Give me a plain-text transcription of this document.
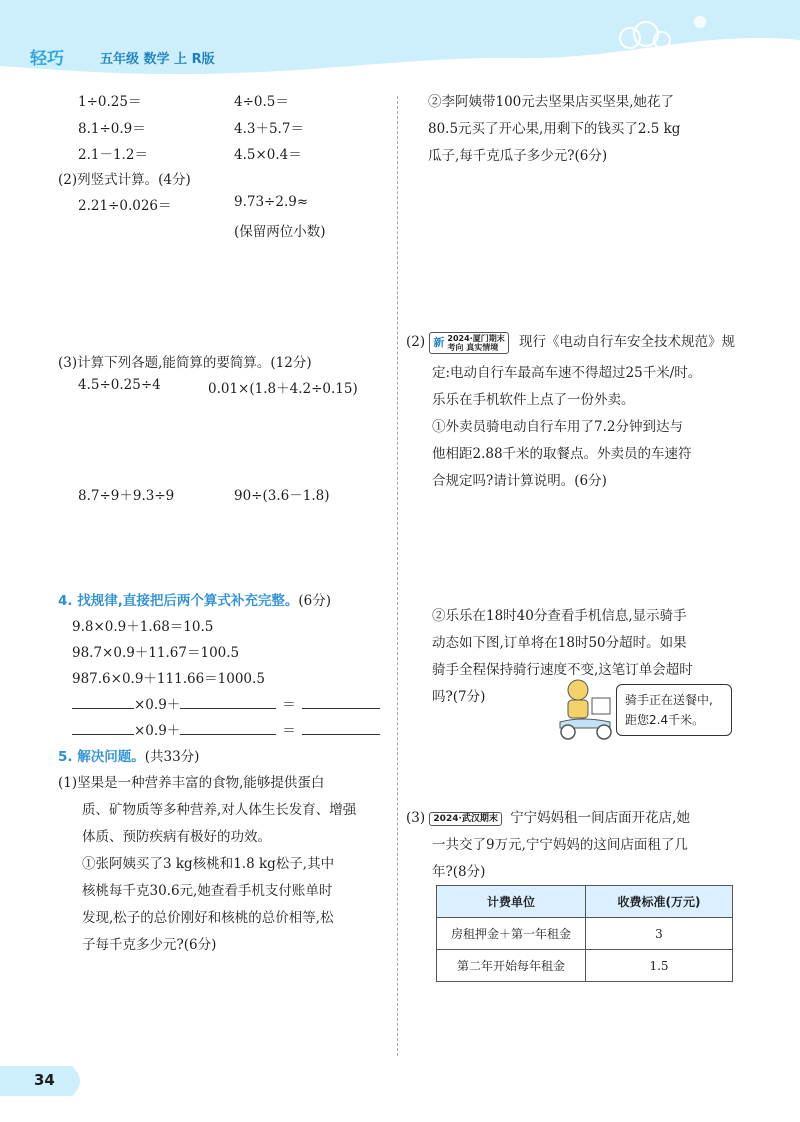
轻巧	五年级 数学 上 R版
1÷0.25＝	4÷0.5＝
8.1÷0.9＝	4.3＋5.7＝
2.1－1.2＝	4.5×0.4＝
(2)列竖式计算。(4分)
2.21÷0.026＝	9.73÷2.9≈
(保留两位小数)
(3)计算下列各题,能简算的要简算。(12分)
4.5÷0.25÷4	0.01×(1.8＋4.2÷0.15)
8.7÷9＋9.3÷9	90÷(3.6－1.8)
4. 找规律,直接把后两个算式补充完整。(6分)
9.8×0.9＋1.68＝10.5
98.7×0.9＋11.67＝100.5
987.6×0.9＋111.66＝1000.5
×0.9＋	＝
×0.9＋	＝
5. 解决问题。(共33分)
(1)坚果是一种营养丰富的食物,能够提供蛋白
质、矿物质等多种营养,对人体生长发育、增强
体质、预防疾病有极好的功效。
①张阿姨买了3 kg核桃和1.8 kg松子,其中
核桃每千克30.6元,她查看手机支付账单时
发现,松子的总价刚好和核桃的总价相等,松
子每千克多少元?(6分)
②李阿姨带100元去坚果店买坚果,她花了
80.5元买了开心果,用剩下的钱买了2.5 kg
瓜子,每千克瓜子多少元?(6分)
(2) 新 2024·厦门期末
考向 真实情境	现行《电动自行车安全技术规范》规
定:电动自行车最高车速不得超过25千米/时。
乐乐在手机软件上点了一份外卖。
①外卖员骑电动自行车用了7.2分钟到达与
他相距2.88千米的取餐点。外卖员的车速符
合规定吗?请计算说明。(6分)
②乐乐在18时40分查看手机信息,显示骑手
动态如下图,订单将在18时50分超时。如果
骑手全程保持骑行速度不变,这笔订单会超时
吗?(7分)	骑手正在送餐中,
距您2.4千米。
(3) 2024·武汉期末 宁宁妈妈租一间店面开花店,她
一共交了9万元,宁宁妈妈的这间店面租了几
年?(8分)
计费单位	收费标准(万元)
房租押金＋第一年租金	3
第二年开始每年租金	1.5
34
